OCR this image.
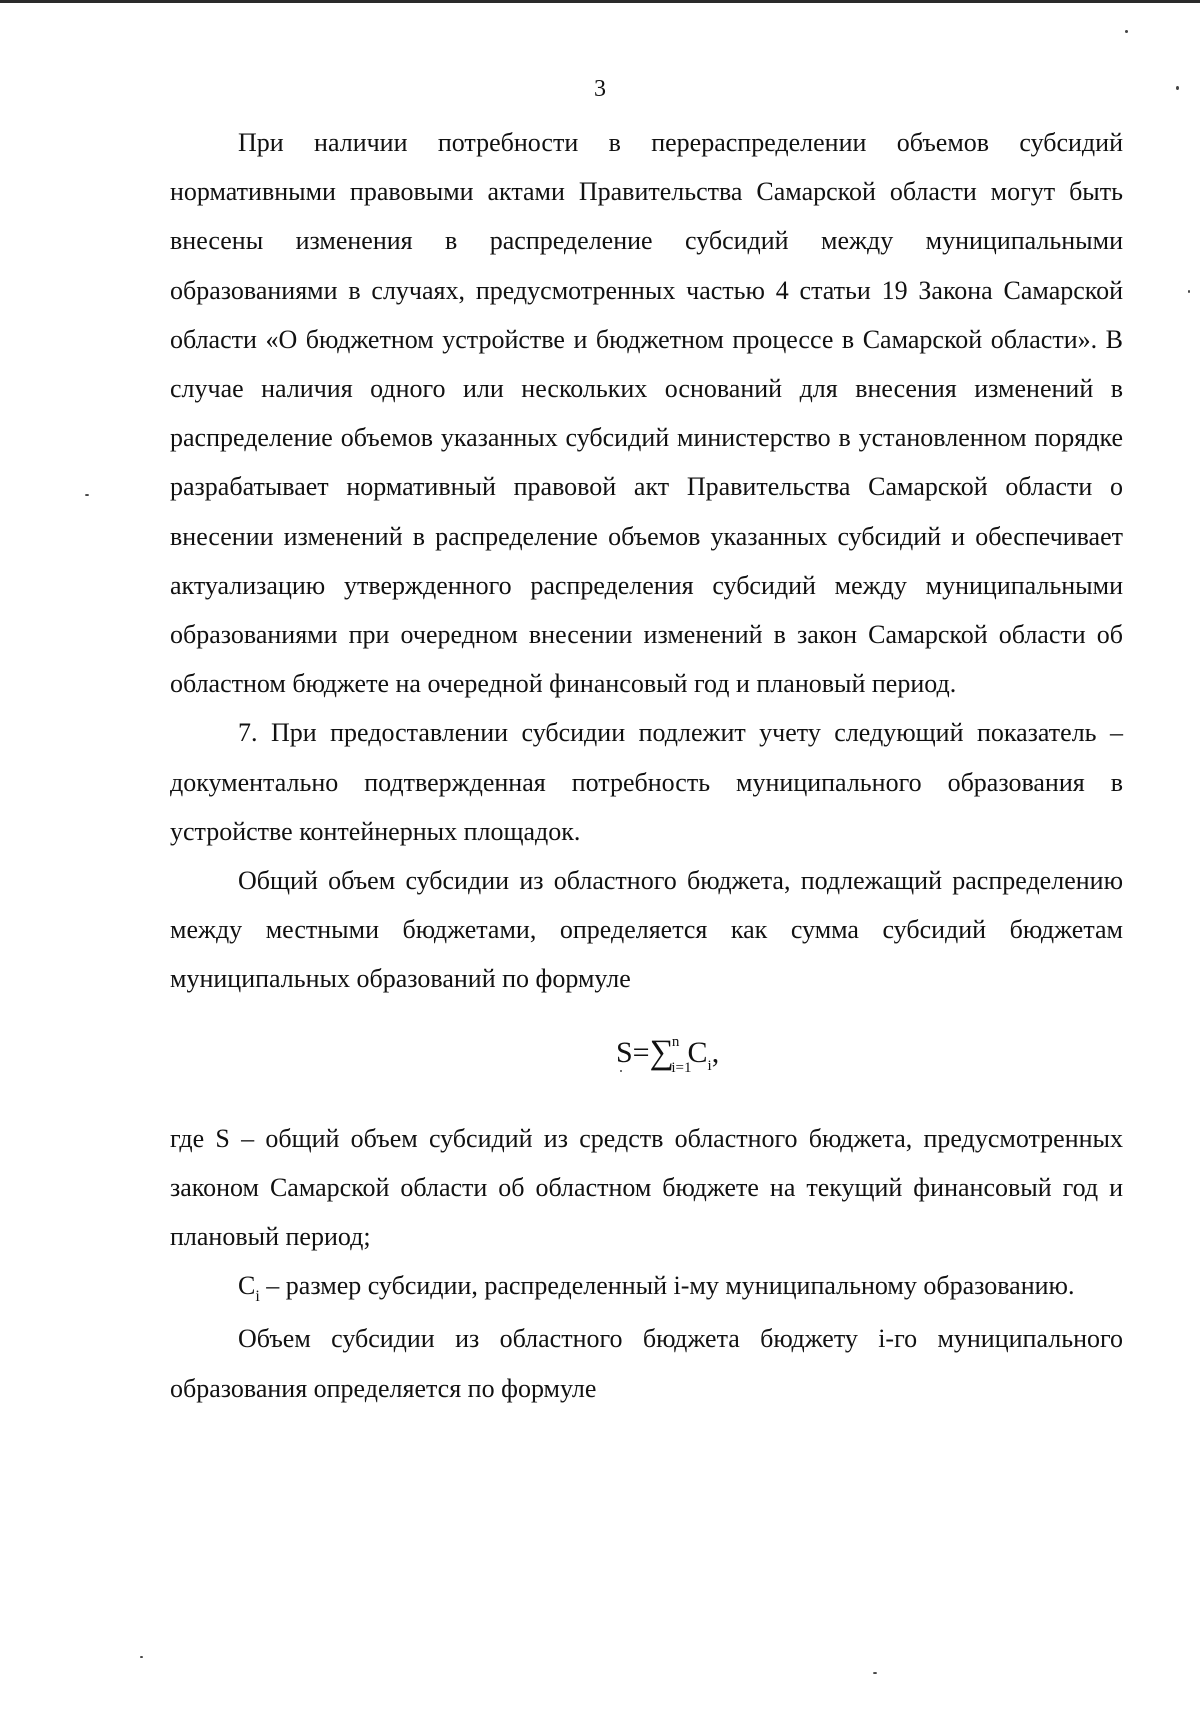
3

При наличии потребности в перераспределении объемов субсидий нормативными правовыми актами Правительства Самарской области могут быть внесены изменения в распределение субсидий между муниципальными образованиями в случаях, предусмотренных частью 4 статьи 19 Закона Самарской области «О бюджетном устройстве и бюджетном процессе в Самарской области». В случае наличия одного или нескольких оснований для внесения изменений в распределение объемов указанных субсидий министерство в установленном порядке разрабатывает нормативный правовой акт Правительства Самарской области о внесении изменений в распределение объемов указанных субсидий и обеспечивает актуализацию утвержденного распределения субсидий между муниципальными образованиями при очередном внесении изменений в закон Самарской области об областном бюджете на очередной финансовый год и плановый период.

7. При предоставлении субсидии подлежит учету следующий показатель – документально подтвержденная потребность муниципального образования в устройстве контейнерных площадок.

Общий объем субсидии из областного бюджета, подлежащий распределению между местными бюджетами, определяется как сумма субсидий бюджетам муниципальных образований по формуле

$S=\sum^n_{i=1}C_i$,

где S – общий объем субсидий из средств областного бюджета, предусмотренных законом Самарской области об областном бюджете на текущий финансовый год и плановый период;

$C_i$ – размер субсидии, распределенный i-му муниципальному образованию.

Объем субсидии из областного бюджета бюджету i-го муниципального образования определяется по формуле
